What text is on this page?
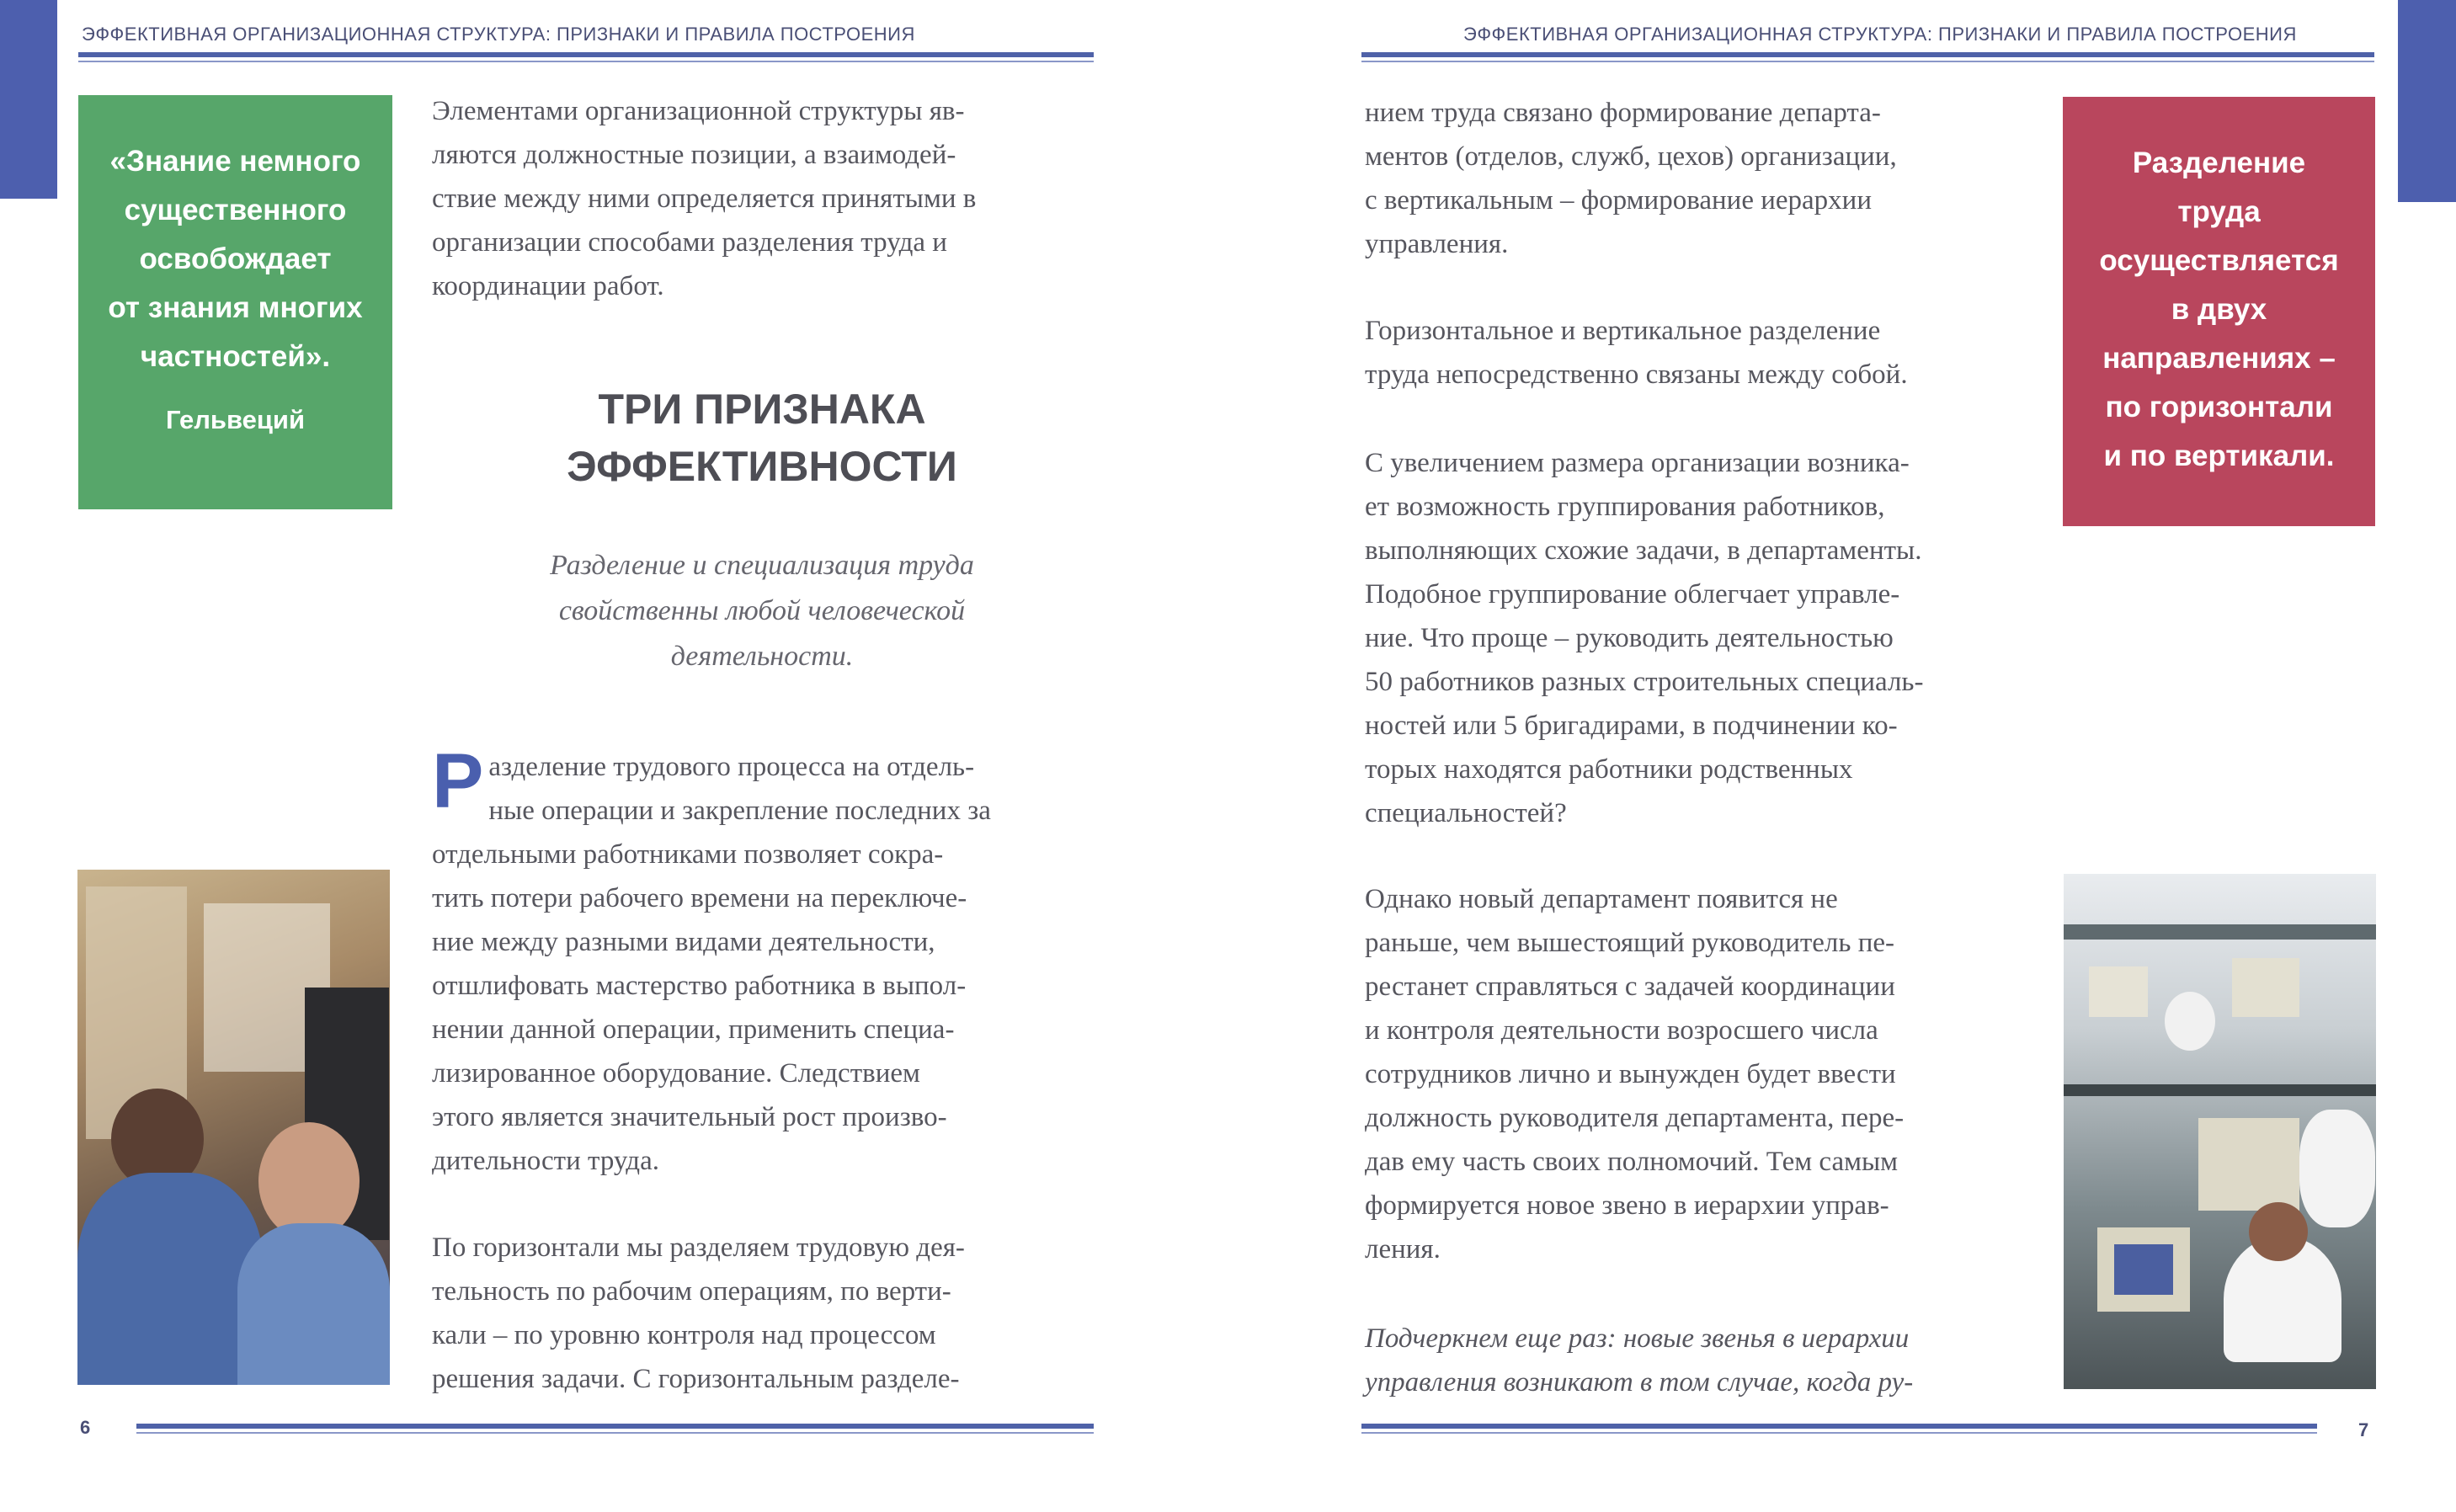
ЭФФЕКТИВНАЯ ОРГАНИЗАЦИОННАЯ СТРУКТУРА: ПРИЗНАКИ И ПРАВИЛА ПОСТРОЕНИЯ
«Знание немного
существенного
освобождает
от знания многих
частностей».
Гельвеций
Элементами организационной структуры яв-
ляются должностные позиции, а взаимодей-
ствие между ними определяется принятыми в
организации способами разделения труда и
координации работ.
ТРИ ПРИЗНАКА
ЭФФЕКТИВНОСТИ
Разделение и специализация труда
свойственны любой человеческой
деятельности.
Р азделение трудового процесса на отдель-
ные операции и закрепление последних за
отдельными работниками позволяет сокра-
тить потери рабочего времени на переключе-
ние между разными видами деятельности,
отшлифовать мастерство работника в выпол-
нении данной операции, применить специа-
лизированное оборудование. Следствием
этого является значительный рост произво-
дительности труда.
По горизонтали мы разделяем трудовую дея-
тельность по рабочим операциям, по верти-
кали – по уровню контроля над процессом
решения задачи. С горизонтальным разделе-
6
ЭФФЕКТИВНАЯ ОРГАНИЗАЦИОННАЯ СТРУКТУРА: ПРИЗНАКИ И ПРАВИЛА ПОСТРОЕНИЯ
нием труда связано формирование департа-
ментов (отделов, служб, цехов) организации,
с вертикальным – формирование иерархии
управления.
Горизонтальное и вертикальное разделение
труда непосредственно связаны между собой.
С увеличением размера организации возника-
ет возможность группирования работников,
выполняющих схожие задачи, в департаменты.
Подобное группирование облегчает управле-
ние. Что проще – руководить деятельностью
50 работников разных строительных специаль-
ностей или 5 бригадирами, в подчинении ко-
торых находятся работники родственных
специальностей?
Однако новый департамент появится не
раньше, чем вышестоящий руководитель пе-
рестанет справляться с задачей координации
и контроля деятельности возросшего числа
сотрудников лично и вынужден будет ввести
должность руководителя департамента, пере-
дав ему часть своих полномочий. Тем самым
формируется новое звено в иерархии управ-
ления.
Подчеркнем еще раз: новые звенья в иерархии
управления возникают в том случае, когда ру-
Разделение
труда
осуществляется
в двух
направлениях –
по горизонтали
и по вертикали.
7
